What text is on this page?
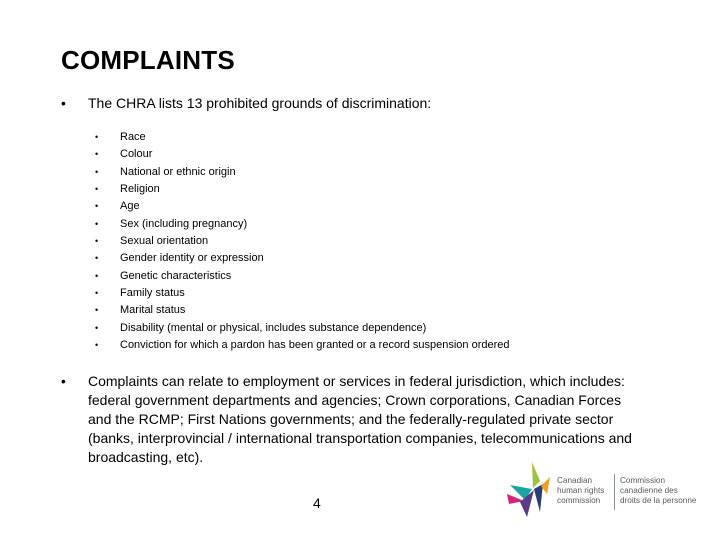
COMPLAINTS
• The CHRA lists 13 prohibited grounds of discrimination:
• Race
• Colour
• National or ethnic origin
• Religion
• Age
• Sex (including pregnancy)
• Sexual orientation
• Gender identity or expression
• Genetic characteristics
• Family status
• Marital status
• Disability (mental or physical, includes substance dependence)
• Conviction for which a pardon has been granted or a record suspension ordered
• Complaints can relate to employment or services in federal jurisdiction, which includes: federal government departments and agencies; Crown corporations, Canadian Forces and the RCMP; First Nations governments; and the federally-regulated private sector (banks, interprovincial / international transportation companies, telecommunications and broadcasting, etc).
4
Canadian
human rights
commission
Commission
canadienne des
droits de la personne
